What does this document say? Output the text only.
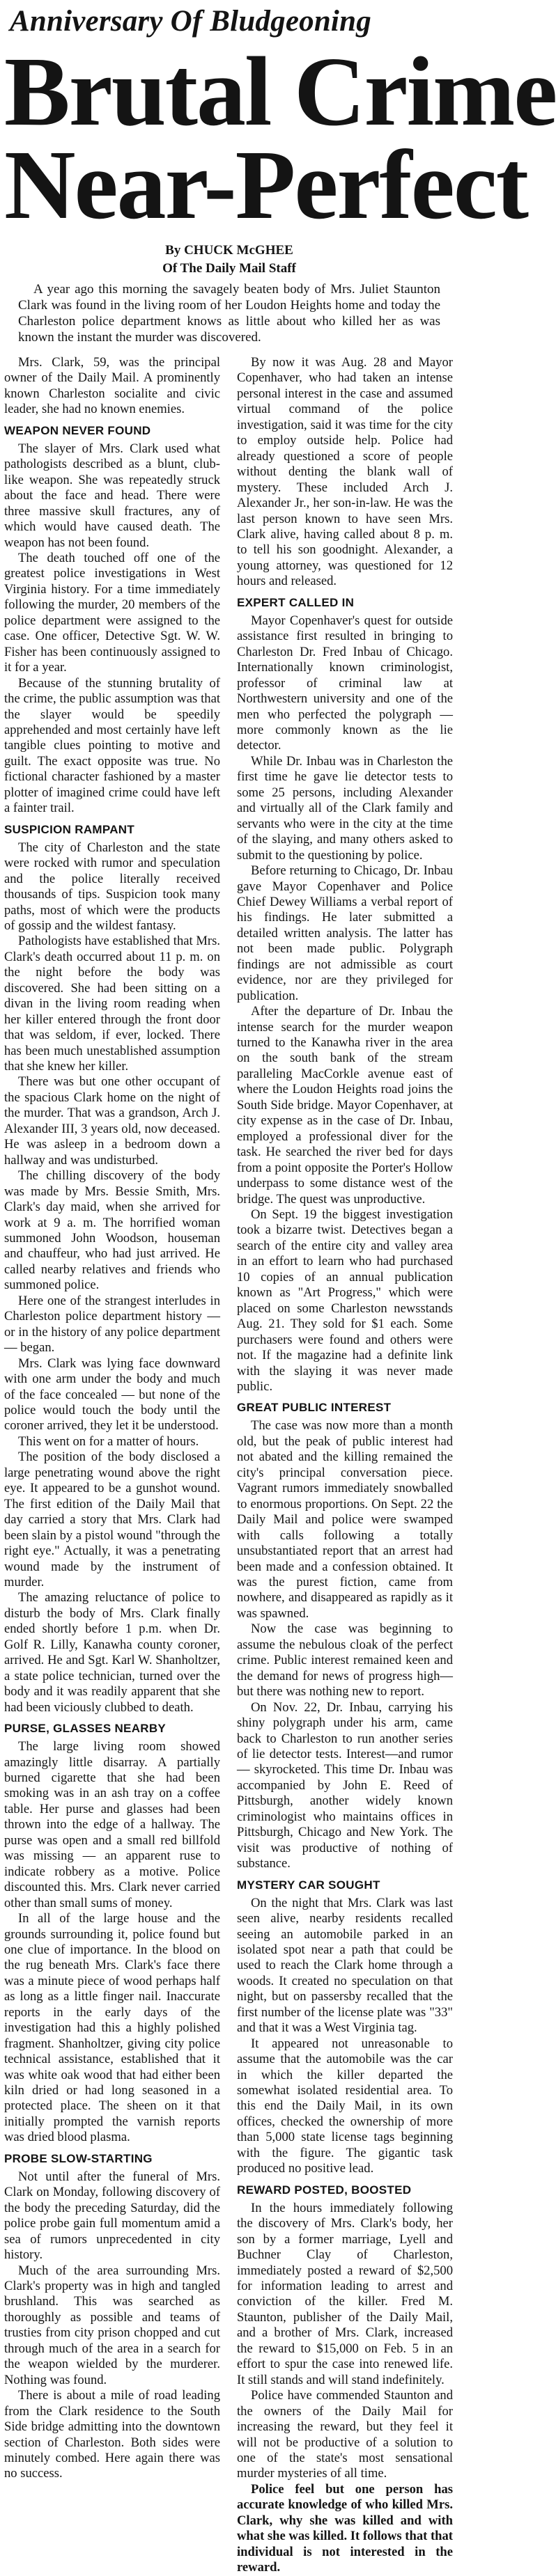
Anniversary Of Bludgeoning
Brutal Crime
Near-Perfect
By CHUCK McGHEE
Of The Daily Mail Staff

A year ago this morning the savagely beaten body of Mrs. Juliet Staunton Clark was found in the living room of her Loudon Heights home and today the Charleston police department knows as little about who killed her as was known the instant the murder was discovered.

Mrs. Clark, 59, was the principal owner of the Daily Mail. A prominently known Charleston socialite and civic leader, she had no known enemies.

WEAPON NEVER FOUND

The slayer of Mrs. Clark used what pathologists described as a blunt, club-like weapon. She was repeatedly struck about the face and head. There were three massive skull fractures, any of which would have caused death. The weapon has not been found.

The death touched off one of the greatest police investigations in West Virginia history. For a time immediately following the murder, 20 members of the police department were assigned to the case. One officer, Detective Sgt. W. W. Fisher has been continuously assigned to it for a year.

Because of the stunning brutality of the crime, the public assumption was that the slayer would be speedily apprehended and most certainly have left tangible clues pointing to motive and guilt. The exact opposite was true. No fictional character fashioned by a master plotter of imagined crime could have left a fainter trail.

SUSPICION RAMPANT

The city of Charleston and the state were rocked with rumor and speculation and the police literally received thousands of tips. Suspicion took many paths, most of which were the products of gossip and the wildest fantasy.

Pathologists have established that Mrs. Clark's death occurred about 11 p. m. on the night before the body was discovered. She had been sitting on a divan in the living room reading when her killer entered through the front door that was seldom, if ever, locked. There has been much unestablished assumption that she knew her killer.

There was but one other occupant of the spacious Clark home on the night of the murder. That was a grandson, Arch J. Alexander III, 3 years old, now deceased. He was asleep in a bedroom down a hallway and was undisturbed.

The chilling discovery of the body was made by Mrs. Bessie Smith, Mrs. Clark's day maid, when she arrived for work at 9 a. m. The horrified woman summoned John Woodson, houseman and chauffeur, who had just arrived. He called nearby relatives and friends who summoned police.

Here one of the strangest interludes in Charleston police department history — or in the history of any police department — began.

Mrs. Clark was lying face downward with one arm under the body and much of the face concealed — but none of the police would touch the body until the coroner arrived, they let it be understood.

This went on for a matter of hours.

The position of the body disclosed a large penetrating wound above the right eye. It appeared to be a gunshot wound. The first edition of the Daily Mail that day carried a story that Mrs. Clark had been slain by a pistol wound "through the right eye." Actually, it was a penetrating wound made by the instrument of murder.

The amazing reluctance of police to disturb the body of Mrs. Clark finally ended shortly before 1 p.m. when Dr. Golf R. Lilly, Kanawha county coroner, arrived. He and Sgt. Karl W. Shanholtzer, a state police technician, turned over the body and it was readily apparent that she had been viciously clubbed to death.

PURSE, GLASSES NEARBY

The large living room showed amazingly little disarray. A partially burned cigarette that she had been smoking was in an ash tray on a coffee table. Her purse and glasses had been thrown into the edge of a hallway. The purse was open and a small red billfold was missing — an apparent ruse to indicate robbery as a motive. Police discounted this. Mrs. Clark never carried other than small sums of money.

In all of the large house and the grounds surrounding it, police found but one clue of importance. In the blood on the rug beneath Mrs. Clark's face there was a minute piece of wood perhaps half as long as a little finger nail. Inaccurate reports in the early days of the investigation had this a highly polished fragment. Shanholtzer, giving city police technical assistance, established that it was white oak wood that had either been kiln dried or had long seasoned in a protected place. The sheen on it that initially prompted the varnish reports was dried blood plasma.

PROBE SLOW-STARTING

Not until after the funeral of Mrs. Clark on Monday, following discovery of the body the preceding Saturday, did the police probe gain full momentum amid a sea of rumors unprecedented in city history.

Much of the area surrounding Mrs. Clark's property was in high and tangled brushland. This was searched as thoroughly as possible and teams of trusties from city prison chopped and cut through much of the area in a search for the weapon wielded by the murderer. Nothing was found.

There is about a mile of road leading from the Clark residence to the South Side bridge admitting into the downtown section of Charleston. Both sides were minutely combed. Here again there was no success.

By now it was Aug. 28 and Mayor Copenhaver, who had taken an intense personal interest in the case and assumed virtual command of the police investigation, said it was time for the city to employ outside help. Police had already questioned a score of people without denting the blank wall of mystery. These included Arch J. Alexander Jr., her son-in-law. He was the last person known to have seen Mrs. Clark alive, having called about 8 p. m. to tell his son goodnight. Alexander, a young attorney, was questioned for 12 hours and released.

EXPERT CALLED IN

Mayor Copenhaver's quest for outside assistance first resulted in bringing to Charleston Dr. Fred Inbau of Chicago. Internationally known criminologist, professor of criminal law at Northwestern university and one of the men who perfected the polygraph — more commonly known as the lie detector.

While Dr. Inbau was in Charleston the first time he gave lie detector tests to some 25 persons, including Alexander and virtually all of the Clark family and servants who were in the city at the time of the slaying, and many others asked to submit to the questioning by police.

Before returning to Chicago, Dr. Inbau gave Mayor Copenhaver and Police Chief Dewey Williams a verbal report of his findings. He later submitted a detailed written analysis. The latter has not been made public. Polygraph findings are not admissible as court evidence, nor are they privileged for publication.

After the departure of Dr. Inbau the intense search for the murder weapon turned to the Kanawha river in the area on the south bank of the stream paralleling MacCorkle avenue east of where the Loudon Heights road joins the South Side bridge. Mayor Copenhaver, at city expense as in the case of Dr. Inbau, employed a professional diver for the task. He searched the river bed for days from a point opposite the Porter's Hollow underpass to some distance west of the bridge. The quest was unproductive.

On Sept. 19 the biggest investigation took a bizarre twist. Detectives began a search of the entire city and valley area in an effort to learn who had purchased 10 copies of an annual publication known as "Art Progress," which were placed on some Charleston newsstands Aug. 21. They sold for $1 each. Some purchasers were found and others were not. If the magazine had a definite link with the slaying it was never made public.

GREAT PUBLIC INTEREST

The case was now more than a month old, but the peak of public interest had not abated and the killing remained the city's principal conversation piece. Vagrant rumors immediately snowballed to enormous proportions. On Sept. 22 the Daily Mail and police were swamped with calls following a totally unsubstantiated report that an arrest had been made and a confession obtained. It was the purest fiction, came from nowhere, and disappeared as rapidly as it was spawned.

Now the case was beginning to assume the nebulous cloak of the perfect crime. Public interest remained keen and the demand for news of progress high—but there was nothing new to report.

On Nov. 22, Dr. Inbau, carrying his shiny polygraph under his arm, came back to Charleston to run another series of lie detector tests. Interest—and rumor — skyrocketed. This time Dr. Inbau was accompanied by John E. Reed of Pittsburgh, another widely known criminologist who maintains offices in Pittsburgh, Chicago and New York. The visit was productive of nothing of substance.

MYSTERY CAR SOUGHT

On the night that Mrs. Clark was last seen alive, nearby residents recalled seeing an automobile parked in an isolated spot near a path that could be used to reach the Clark home through a woods. It created no speculation on that night, but on passersby recalled that the first number of the license plate was "33" and that it was a West Virginia tag.

It appeared not unreasonable to assume that the automobile was the car in which the killer departed the somewhat isolated residential area. To this end the Daily Mail, in its own offices, checked the ownership of more than 5,000 state license tags beginning with the figure. The gigantic task produced no positive lead.

REWARD POSTED, BOOSTED

In the hours immediately following the discovery of Mrs. Clark's body, her son by a former marriage, Lyell and Buchner Clay of Charleston, immediately posted a reward of $2,500 for information leading to arrest and conviction of the killer. Fred M. Staunton, publisher of the Daily Mail, and a brother of Mrs. Clark, increased the reward to $15,000 on Feb. 5 in an effort to spur the case into renewed life. It still stands and will stand indefinitely.

Police have commended Staunton and the owners of the Daily Mail for increasing the reward, but they feel it will not be productive of a solution to one of the state's most sensational murder mysteries of all time.

Police feel but one person has accurate knowledge of who killed Mrs. Clark, why she was killed and with what she was killed. It follows that that individual is not interested in the reward.
